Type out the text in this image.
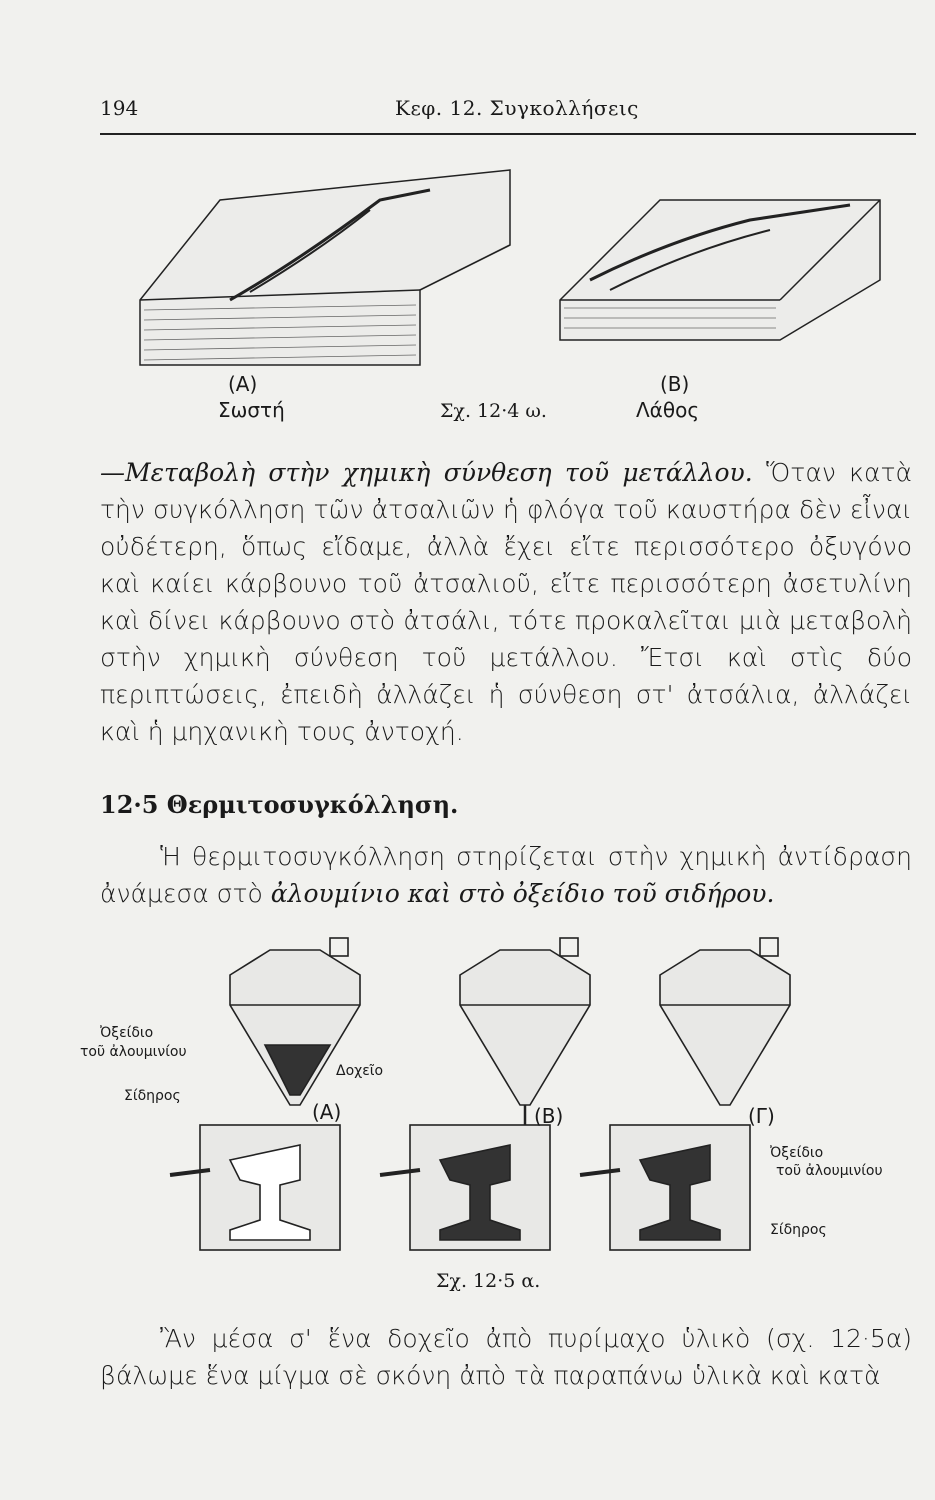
194	Κεφ. 12. Συγκολλήσεις
(Α)
Σωστή	Σχ. 12·4 ω.
(Β)
Λάθος

—Μεταβολὴ στὴν χημικὴ σύνθεση τοῦ μετάλλου. Ὅταν κατὰ τὴν συγκόλληση τῶν ἀτσαλιῶν ἡ φλόγα τοῦ καυστήρα δὲν εἶναι οὐδέτερη, ὅπως εἴδαμε, ἀλλὰ ἔχει εἴτε περισσότερο ὀξυγόνο καὶ καίει κάρβουνο τοῦ ἀτσαλιοῦ, εἴτε περισσότερη ἀσετυλίνη καὶ δίνει κάρβουνο στὸ ἀτσάλι, τότε προκαλεῖται μιὰ μεταβολὴ στὴν χημικὴ σύνθεση τοῦ μετάλλου. Ἔτσι καὶ στὶς δύο περιπτώσεις, ἐπειδὴ ἀλλάζει ἡ σύνθεση στ' ἀτσάλια, ἀλλάζει καὶ ἡ μηχανικὴ τους ἀντοχή.

12·5 Θερμιτοσυγκόλληση.

Ἡ θερμιτοσυγκόλληση στηρίζεται στὴν χημικὴ ἀντίδραση ἀνάμεσα στὸ ἀλουμίνιο καὶ στὸ ὀξείδιο τοῦ σιδήρου.

Ὀξείδιο
τοῦ ἀλουμινίου
Δοχεῖο
Σίδηρος
(Α)	(Β)	(Γ)
Ὀξείδιο
τοῦ ἀλουμινίου
Σίδηρος
Σχ. 12·5 α.

Ἂν μέσα σ' ἕνα δοχεῖο ἀπὸ πυρίμαχο ὑλικὸ (σχ. 12·5α) βάλωμε ἕνα μίγμα σὲ σκόνη ἀπὸ τὰ παραπάνω ὑλικὰ καὶ κατὰ
